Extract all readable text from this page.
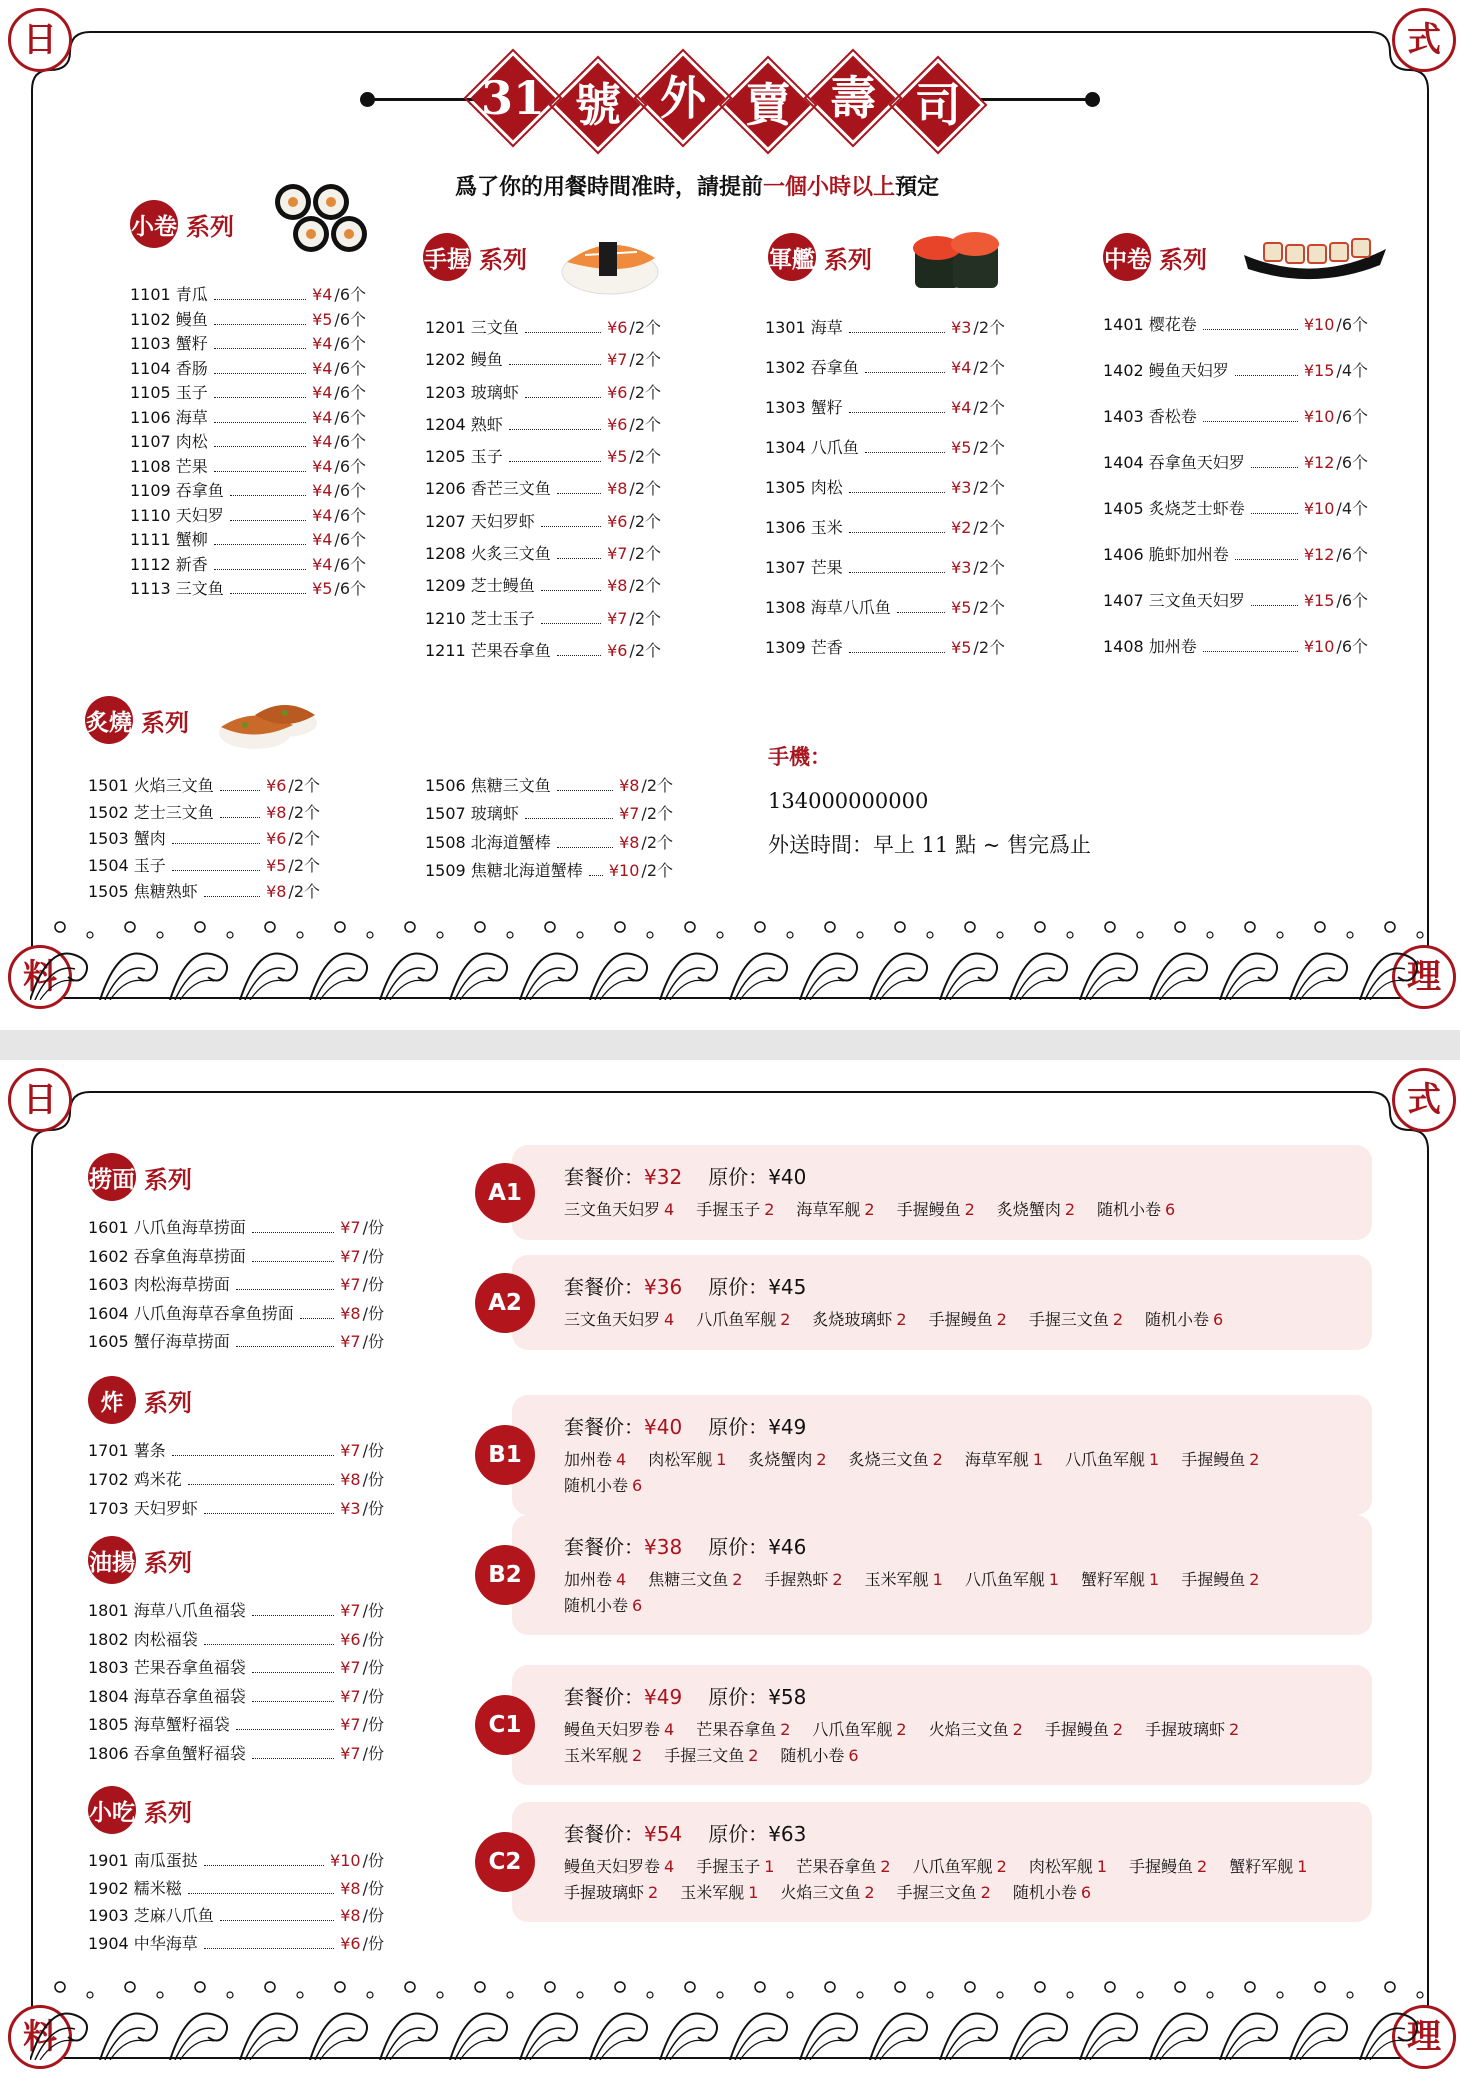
日	式
料	理
31 號 外 賣 壽 司
爲了你的用餐時間准時，請提前一個小時以上預定
小卷 系列
1101 青瓜	¥4 /6个
1102 鳗鱼	¥5 /6个
1103 蟹籽	¥4 /6个
1104 香肠	¥4 /6个
1105 玉子	¥4 /6个
1106 海草	¥4 /6个
1107 肉松	¥4 /6个
1108 芒果	¥4 /6个
1109 吞拿鱼	¥4 /6个
1110 天妇罗	¥4 /6个
1111 蟹柳	¥4 /6个
1112 新香	¥4 /6个
1113 三文鱼	¥5 /6个
手握 系列
1201 三文鱼	¥6 /2个
1202 鳗鱼	¥7 /2个
1203 玻璃虾	¥6 /2个
1204 熟虾	¥6 /2个
1205 玉子	¥5 /2个
1206 香芒三文鱼	¥8 /2个
1207 天妇罗虾	¥6 /2个
1208 火炙三文鱼	¥7 /2个
1209 芝士鳗鱼	¥8 /2个
1210 芝士玉子	¥7 /2个
1211 芒果吞拿鱼	¥6 /2个
軍艦 系列
1301 海草	¥3 /2个
1302 吞拿鱼	¥4 /2个
1303 蟹籽	¥4 /2个
1304 八爪鱼	¥5 /2个
1305 肉松	¥3 /2个
1306 玉米	¥2 /2个
1307 芒果	¥3 /2个
1308 海草八爪鱼	¥5 /2个
1309 芒香	¥5 /2个
中卷 系列
1401 樱花卷	¥10 /6个
1402 鳗鱼天妇罗	¥15 /4个
1403 香松卷	¥10 /6个
1404 吞拿鱼天妇罗	¥12 /6个
1405 炙烧芝士虾卷	¥10 /4个
1406 脆虾加州卷	¥12 /6个
1407 三文鱼天妇罗	¥15 /6个
1408 加州卷	¥10 /6个
炙燒 系列
1501 火焰三文鱼	¥6 /2个
1502 芝士三文鱼	¥8 /2个
1503 蟹肉	¥6 /2个
1504 玉子	¥5 /2个
1505 焦糖熟虾	¥8 /2个
1506 焦糖三文鱼	¥8 /2个
1507 玻璃虾	¥7 /2个
1508 北海道蟹棒	¥8 /2个
1509 焦糖北海道蟹棒 ¥10 /2个
手機：
134000000000
外送時間：早上 11 點 ~ 售完爲止
日	式
料	理
捞面 系列
1601 八爪鱼海草捞面	¥7 /份
1602 吞拿鱼海草捞面	¥7 /份
1603 肉松海草捞面	¥7 /份
1604 八爪鱼海草吞拿鱼捞面	¥8 /份
1605 蟹仔海草捞面	¥7 /份
炸 系列
1701 薯条	¥7 /份
1702 鸡米花	¥8 /份
1703 天妇罗虾	¥3 /份
油揚 系列
1801 海草八爪鱼福袋	¥7 /份
1802 肉松福袋	¥6 /份
1803 芒果吞拿鱼福袋	¥7 /份
1804 海草吞拿鱼福袋	¥7 /份
1805 海草蟹籽福袋	¥7 /份
1806 吞拿鱼蟹籽福袋	¥7 /份
小吃 系列
1901 南瓜蛋挞	¥10 /份
1902 糯米糍	¥8 /份
1903 芝麻八爪鱼	¥8 /份
1904 中华海草	¥6 /份
套餐价：¥32 原价：¥40
三文鱼天妇罗 4 手握玉子 2 海草军舰 2 手握鳗鱼 2 炙烧蟹肉 2 随机小卷 6
A1
套餐价：¥36 原价：¥45
三文鱼天妇罗 4 八爪鱼军舰 2 炙烧玻璃虾 2 手握鳗鱼 2 手握三文鱼 2 随机小卷 6
A2
套餐价：¥40 原价：¥49
加州卷 4 肉松军舰 1 炙烧蟹肉 2 炙烧三文鱼 2 海草军舰 1 八爪鱼军舰 1 手握鳗鱼 2随机小卷 6
B1
套餐价：¥38 原价：¥46
加州卷 4 焦糖三文鱼 2 手握熟虾 2 玉米军舰 1 八爪鱼军舰 1 蟹籽军舰 1 手握鳗鱼 2随机小卷 6
B2
套餐价：¥49 原价：¥58
鳗鱼天妇罗卷 4 芒果吞拿鱼 2 八爪鱼军舰 2 火焰三文鱼 2 手握鳗鱼 2 手握玻璃虾 2玉米军舰 2 手握三文鱼 2 随机小卷 6
C1
套餐价：¥54 原价：¥63
鳗鱼天妇罗卷 4 手握玉子 1 芒果吞拿鱼 2 八爪鱼军舰 2 肉松军舰 1 手握鳗鱼 2 蟹籽军舰 1手握玻璃虾 2 玉米军舰 1 火焰三文鱼 2 手握三文鱼 2 随机小卷 6
C2
